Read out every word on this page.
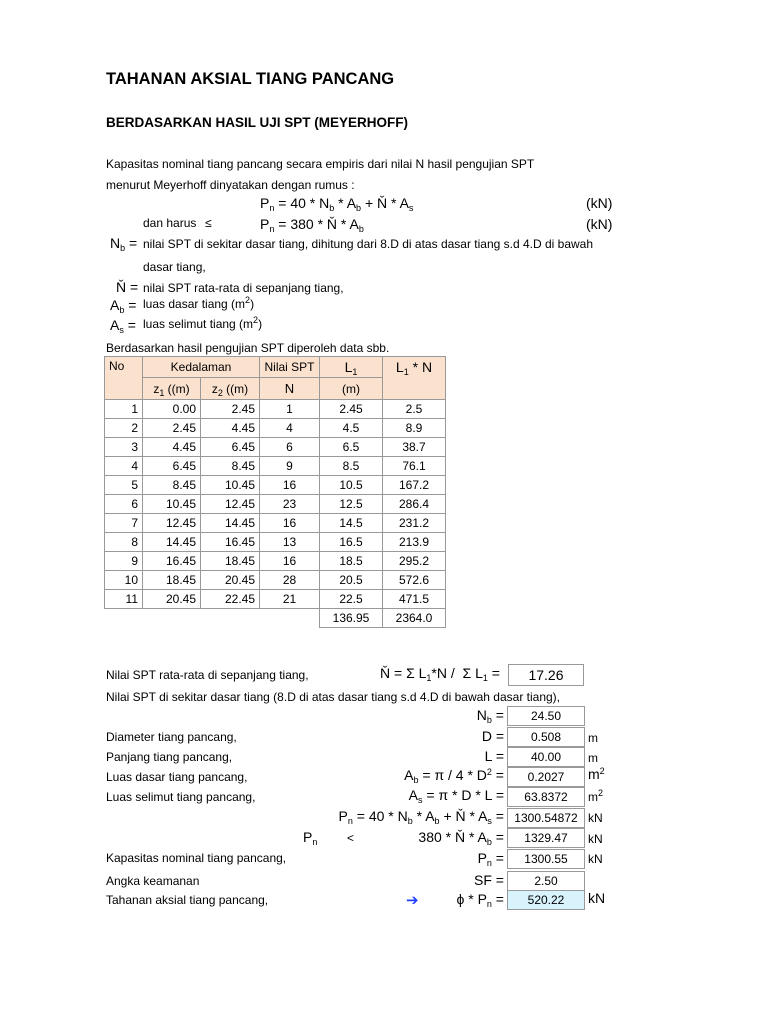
TAHANAN AKSIAL TIANG PANCANG
BERDASARKAN HASIL UJI SPT (MEYERHOFF)
Kapasitas nominal tiang pancang secara empiris dari nilai N hasil pengujian SPT
menurut Meyerhoff dinyatakan dengan rumus :
$P_n = 40 * N_b * A_b$ + Ň * $A_s$	(kN)
dan harus ≤	$P_n = 380$ * Ň * $A_b$	(kN)
$N_b$ = nilai SPT di sekitar dasar tiang, dihitung dari 8.D di atas dasar tiang s.d 4.D di bawah
dasar tiang,
Ň = nilai SPT rata-rata di sepanjang tiang,
$A_b$ = luas dasar tiang $(m^2)$
$A_s$ = luas selimut tiang $(m^2)$
Berdasarkan hasil pengujian SPT diperoleh data sbb.
No	Kedalaman		Nilai SPT	$L_1$	$L_1$ * N
	$z_1$ ((m)	$z_2$ ((m)	N	(m)	
1	0.00	2.45	1	2.45	2.5
2	2.45	4.45	4	4.5	8.9
3	4.45	6.45	6	6.5	38.7
4	6.45	8.45	9	8.5	76.1
5	8.45	10.45	16	10.5	167.2
6	10.45	12.45	23	12.5	286.4
7	12.45	14.45	16	14.5	231.2
8	14.45	16.45	13	16.5	213.9
9	16.45	18.45	16	18.5	295.2
10	18.45	20.45	28	20.5	572.6
11	20.45	22.45	21	22.5	471.5
				136.95	2364.0
Nilai SPT rata-rata di sepanjang tiang,	Ň = Σ $L_1*N$ /  Σ $L_1$ =	17.26
Nilai SPT di sekitar dasar tiang (8.D di atas dasar tiang s.d 4.D di bawah dasar tiang),
$N_b$ =	24.50
Diameter tiang pancang,	D =	0.508	m
Panjang tiang pancang,	L =	40.00	m
Luas dasar tiang pancang,	$A_b = \pi / 4 * D^2$ =	0.2027	$m^2$
Luas selimut tiang pancang,	$A_s = \pi * D * L$ =	63.8372	$m^2$
$P_n = 40 * N_b * A_b$ + Ň * $A_s = 1300.54872$ kN
$P_n$ <	380 * Ň * $A_b$ =	1329.47	kN
Kapasitas nominal tiang pancang,	$P_n$ =	1300.55	kN
Angka keamanan	SF =	2.50
Tahanan aksial tiang pancang,	➔	ϕ * $P_n$ =	520.22	kN
